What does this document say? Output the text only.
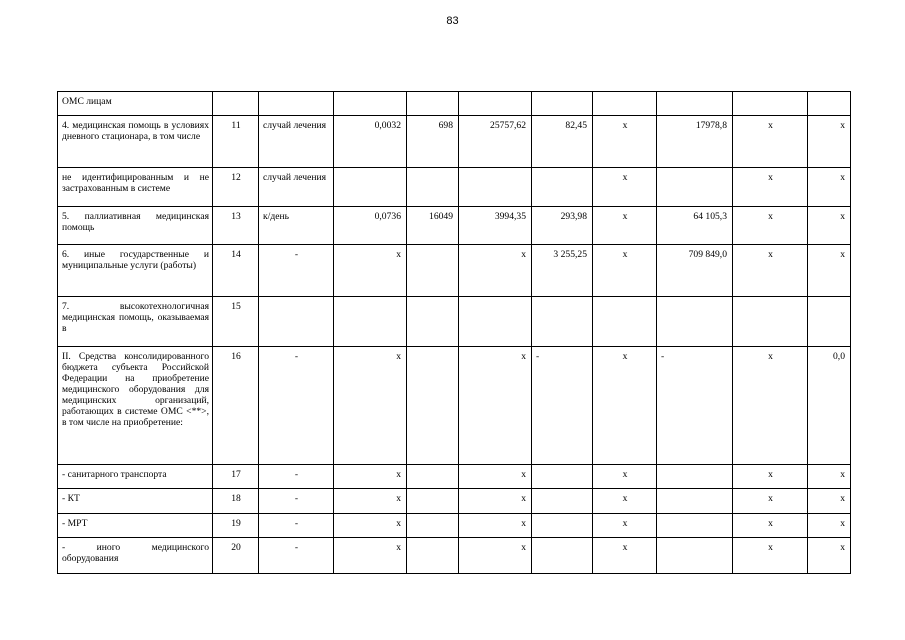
83
ОМС лицам										
4. медицинская помощь в условиях дневного стационара, в том числе	11	случай лечения	0,0032	698	25757,62	82,45	x	17978,8	x	x
не идентифицированным и не застрахованным в системе	12	случай лечения					x		x	x
5. паллиативная медицинская помощь	13	к/день	0,0736	16049	3994,35	293,98	x	64 105,3	x	x
6. иные государственные и муниципальные услуги (работы)	14	-	x		x	3 255,25	x	709 849,0	x	x
7. высокотехнологичная медицинская помощь, оказываемая в	15									
II. Средства консолидированного бюджета субъекта Российской Федерации на приобретение медицинского оборудования для медицинских организаций, работающих в системе ОМС <**>, в том числе на приобретение:	16	-	x		x	-	x	-	x	0,0
- санитарного транспорта	17	-	x		x		x		x	x
- КТ	18	-	x		x		x		x	x
- МРТ	19	-	x		x		x		x	x
- иного медицинского оборудования	20	-	x		x		x		x	x
